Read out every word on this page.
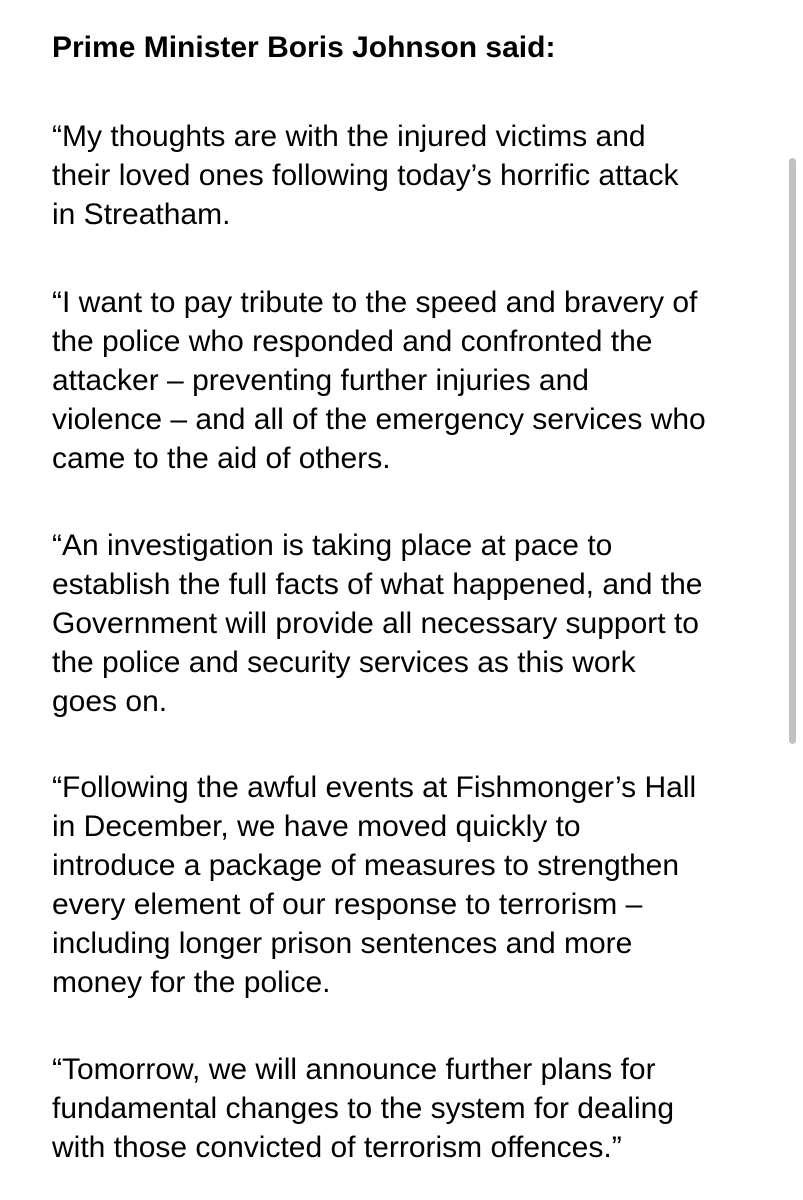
Prime Minister Boris Johnson said:

“My thoughts are with the injured victims and
their loved ones following today’s horrific attack
in Streatham.

“I want to pay tribute to the speed and bravery of
the police who responded and confronted the
attacker – preventing further injuries and
violence – and all of the emergency services who
came to the aid of others.

“An investigation is taking place at pace to
establish the full facts of what happened, and the
Government will provide all necessary support to
the police and security services as this work
goes on.

“Following the awful events at Fishmonger’s Hall
in December, we have moved quickly to
introduce a package of measures to strengthen
every element of our response to terrorism –
including longer prison sentences and more
money for the police.

“Tomorrow, we will announce further plans for
fundamental changes to the system for dealing
with those convicted of terrorism offences.”
